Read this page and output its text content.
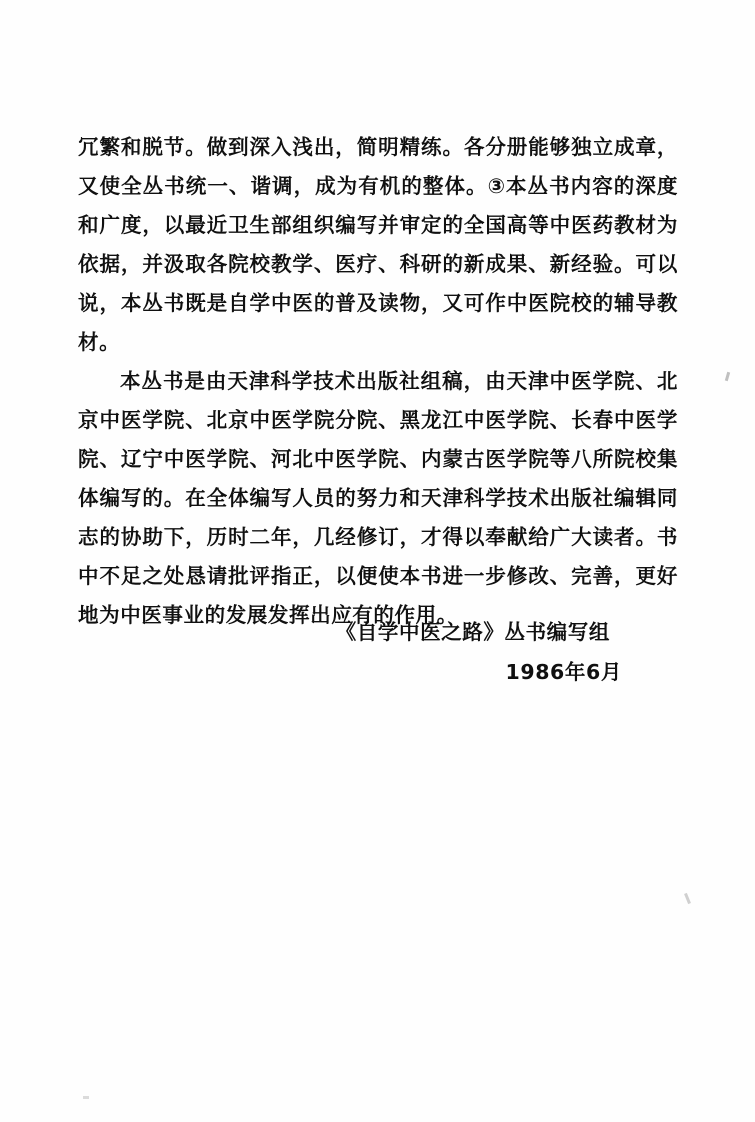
冗繁和脱节。做到深入浅出，简明精练。各分册能够独立成章，又使全丛书统一、谐调，成为有机的整体。③本丛书内容的深度和广度，以最近卫生部组织编写并审定的全国高等中医药教材为依据，并汲取各院校教学、医疗、科研的新成果、新经验。可以说，本丛书既是自学中医的普及读物，又可作中医院校的辅导教材。

本丛书是由天津科学技术出版社组稿，由天津中医学院、北京中医学院、北京中医学院分院、黑龙江中医学院、长春中医学院、辽宁中医学院、河北中医学院、内蒙古医学院等八所院校集体编写的。在全体编写人员的努力和天津科学技术出版社编辑同志的协助下，历时二年，几经修订，才得以奉献给广大读者。书中不足之处恳请批评指正，以便使本书进一步修改、完善，更好地为中医事业的发展发挥出应有的作用。

《自学中医之路》丛书编写组
1986年6月
